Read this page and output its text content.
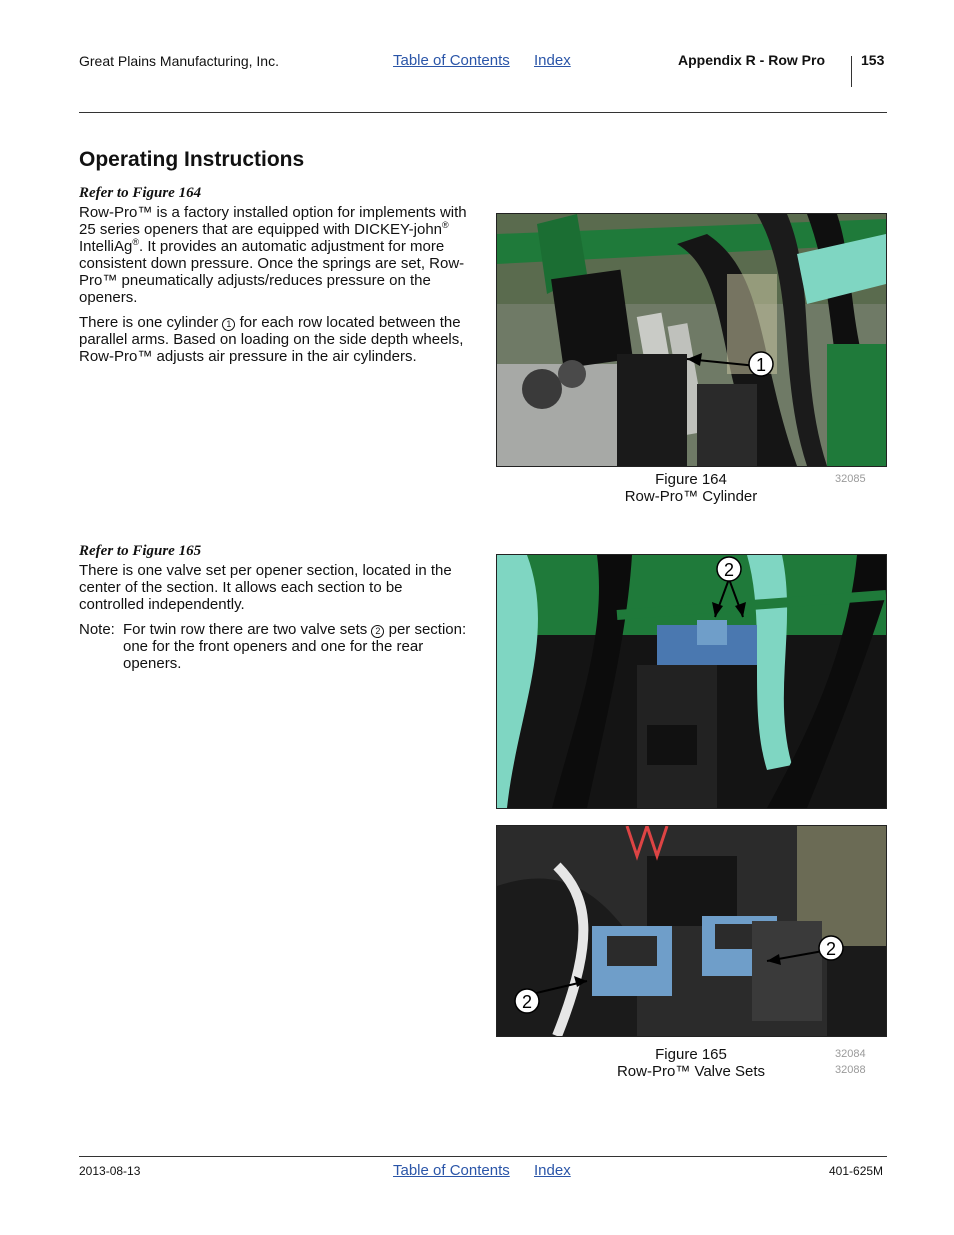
Great Plains Manufacturing, Inc.	Table of Contents Index	Appendix R - Row Pro	153
Operating Instructions
Refer to Figure 164

Row-Pro™ is a factory installed option for implements with 25 series openers that are equipped with DICKEY-john® IntelliAg®. It provides an automatic adjustment for more consistent down pressure. Once the springs are set, Row-Pro™ pneumatically adjusts/reduces pressure on the openers.

There is one cylinder 1 for each row located between the parallel arms. Based on loading on the side depth wheels, Row-Pro™ adjusts air pressure in the air cylinders.	1
Figure 164
Row-Pro™ Cylinder
32085
Refer to Figure 165

There is one valve set per opener section, located in the center of the section. It allows each section to be controlled independently.

Note: For twin row there are two valve sets 2 per section: one for the front openers and one for the rear openers.

2
2
2
Figure 165
Row-Pro™ Valve Sets
32084
32088
2013-08-13	Table of Contents Index	401-625M
